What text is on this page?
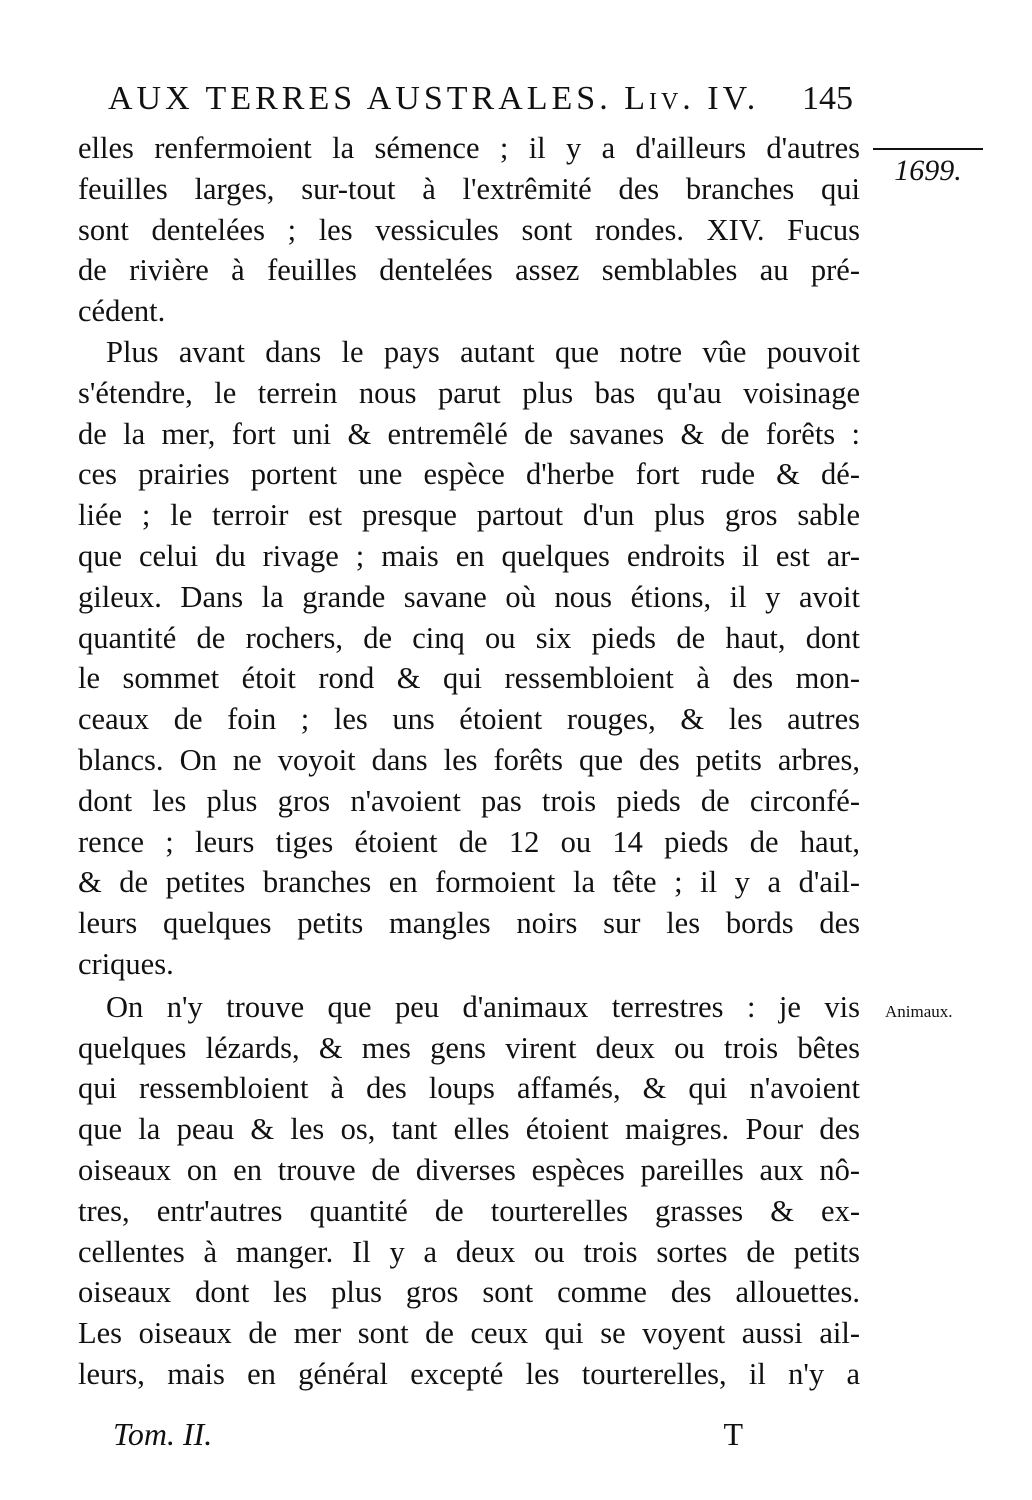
AUX TERRES AUSTRALES. Liv. IV. 145
1699.
Animaux.
elles renfermoient la sémence ; il y a d'ailleurs d'autres
feuilles larges, sur-tout à l'extrêmité des branches qui
sont dentelées ; les vessicules sont rondes. XIV. Fucus
de rivière à feuilles dentelées assez semblables au pré-
cédent.
Plus avant dans le pays autant que notre vûe pouvoit
s'étendre, le terrein nous parut plus bas qu'au voisinage
de la mer, fort uni & entremêlé de savanes & de forêts :
ces prairies portent une espèce d'herbe fort rude & dé-
liée ; le terroir est presque partout d'un plus gros sable
que celui du rivage ; mais en quelques endroits il est ar-
gileux. Dans la grande savane où nous étions, il y avoit
quantité de rochers, de cinq ou six pieds de haut, dont
le sommet étoit rond & qui ressembloient à des mon-
ceaux de foin ; les uns étoient rouges, & les autres
blancs. On ne voyoit dans les forêts que des petits arbres,
dont les plus gros n'avoient pas trois pieds de circonfé-
rence ; leurs tiges étoient de 12 ou 14 pieds de haut,
& de petites branches en formoient la tête ; il y a d'ail-
leurs quelques petits mangles noirs sur les bords des
criques.
On n'y trouve que peu d'animaux terrestres : je vis
quelques lézards, & mes gens virent deux ou trois bêtes
qui ressembloient à des loups affamés, & qui n'avoient
que la peau & les os, tant elles étoient maigres. Pour des
oiseaux on en trouve de diverses espèces pareilles aux nô-
tres, entr'autres quantité de tourterelles grasses & ex-
cellentes à manger. Il y a deux ou trois sortes de petits
oiseaux dont les plus gros sont comme des allouettes.
Les oiseaux de mer sont de ceux qui se voyent aussi ail-
leurs, mais en général excepté les tourterelles, il n'y a
Tom. II.	T
